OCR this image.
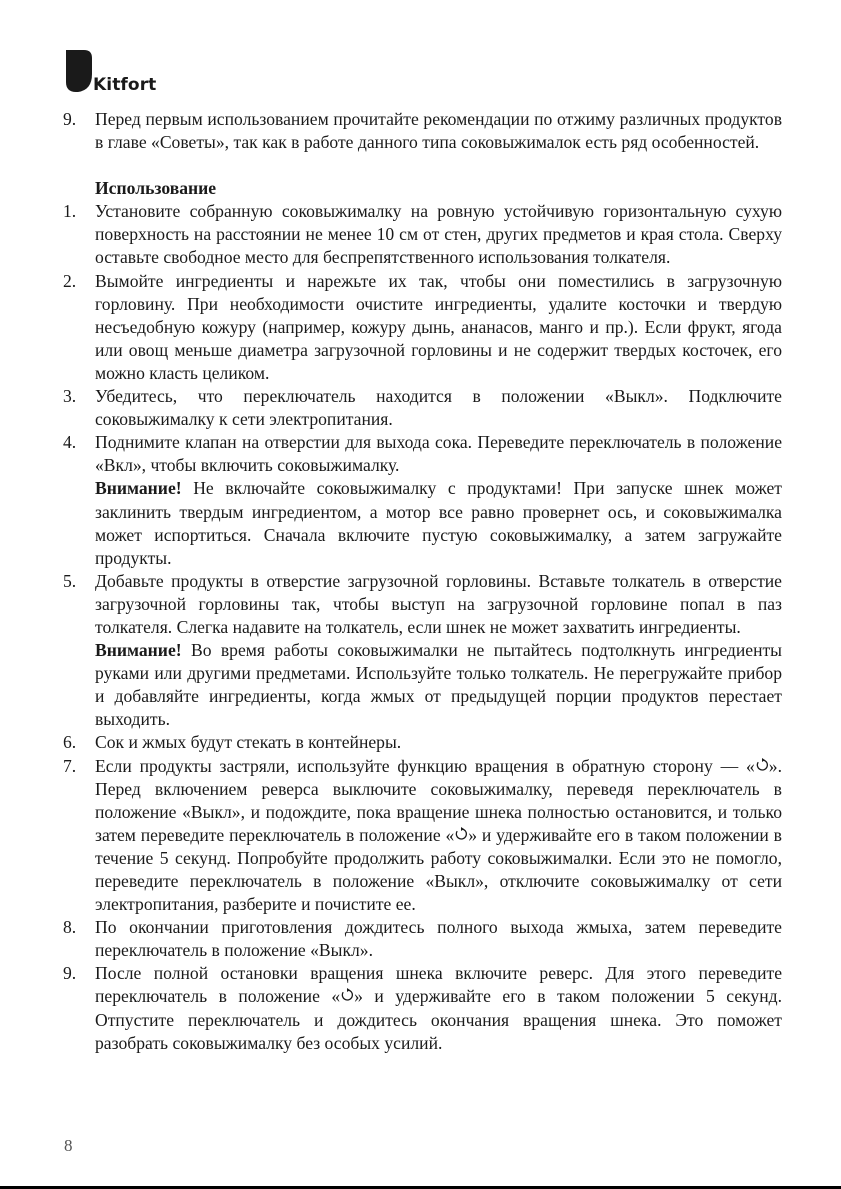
Kitfort
9.	Перед первым использованием прочитайте рекомендации по отжиму различных продуктов в главе «Советы», так как в работе данного типа соковыжималок есть ряд особенностей.
Использование
1.	Установите собранную соковыжималку на ровную устойчивую горизонтальную сухую поверхность на расстоянии не менее 10 см от стен, других предметов и края стола. Сверху оставьте свободное место для беспрепятственного использования толкателя.
2.	Вымойте ингредиенты и нарежьте их так, чтобы они поместились в загрузочную горловину. При необходимости очистите ингредиенты, удалите косточки и твердую несъедобную кожуру (например, кожуру дынь, ананасов, манго и пр.). Если фрукт, ягода или овощ меньше диаметра загрузочной горловины и не содержит твердых косточек, его можно класть целиком.
3.	Убедитесь, что переключатель находится в положении «Выкл». Подключите соковыжималку к сети электропитания.
4.	Поднимите клапан на отверстии для выхода сока. Переведите переключатель в положение «Вкл», чтобы включить соковыжималку.
Внимание! Не включайте соковыжималку с продуктами! При запуске шнек может заклинить твердым ингредиентом, а мотор все равно провернет ось, и соковыжималка может испортиться. Сначала включите пустую соковыжималку, а затем загружайте продукты.
5.	Добавьте продукты в отверстие загрузочной горловины. Вставьте толкатель в отверстие загрузочной горловины так, чтобы выступ на загрузочной горловине попал в паз толкателя. Слегка надавите на толкатель, если шнек не может захватить ингредиенты.
Внимание! Во время работы соковыжималки не пытайтесь подтолкнуть ингредиенты руками или другими предметами. Используйте только толкатель. Не перегружайте прибор и добавляйте ингредиенты, когда жмых от предыдущей порции продуктов перестает выходить.
6.	Сок и жмых будут стекать в контейнеры.
7.	Если продукты застряли, используйте функцию вращения в обратную сторону — « ». Перед включением реверса выключите соковыжималку, переведя переключатель в положение «Выкл», и подождите, пока вращение шнека полностью остановится, и только затем переведите переключатель в положение « » и удерживайте его в таком положении в течение 5 секунд. Попробуйте продолжить работу соковыжималки. Если это не помогло, переведите переключатель в положение «Выкл», отключите соковыжималку от сети электропитания, разберите и почистите ее.
8.	По окончании приготовления дождитесь полного выхода жмыха, затем переведите переключатель в положение «Выкл».
9.	После полной остановки вращения шнека включите реверс. Для этого переведите переключатель в положение « » и удерживайте его в таком положении 5 секунд. Отпустите переключатель и дождитесь окончания вращения шнека. Это поможет разобрать соковыжималку без особых усилий.
8
